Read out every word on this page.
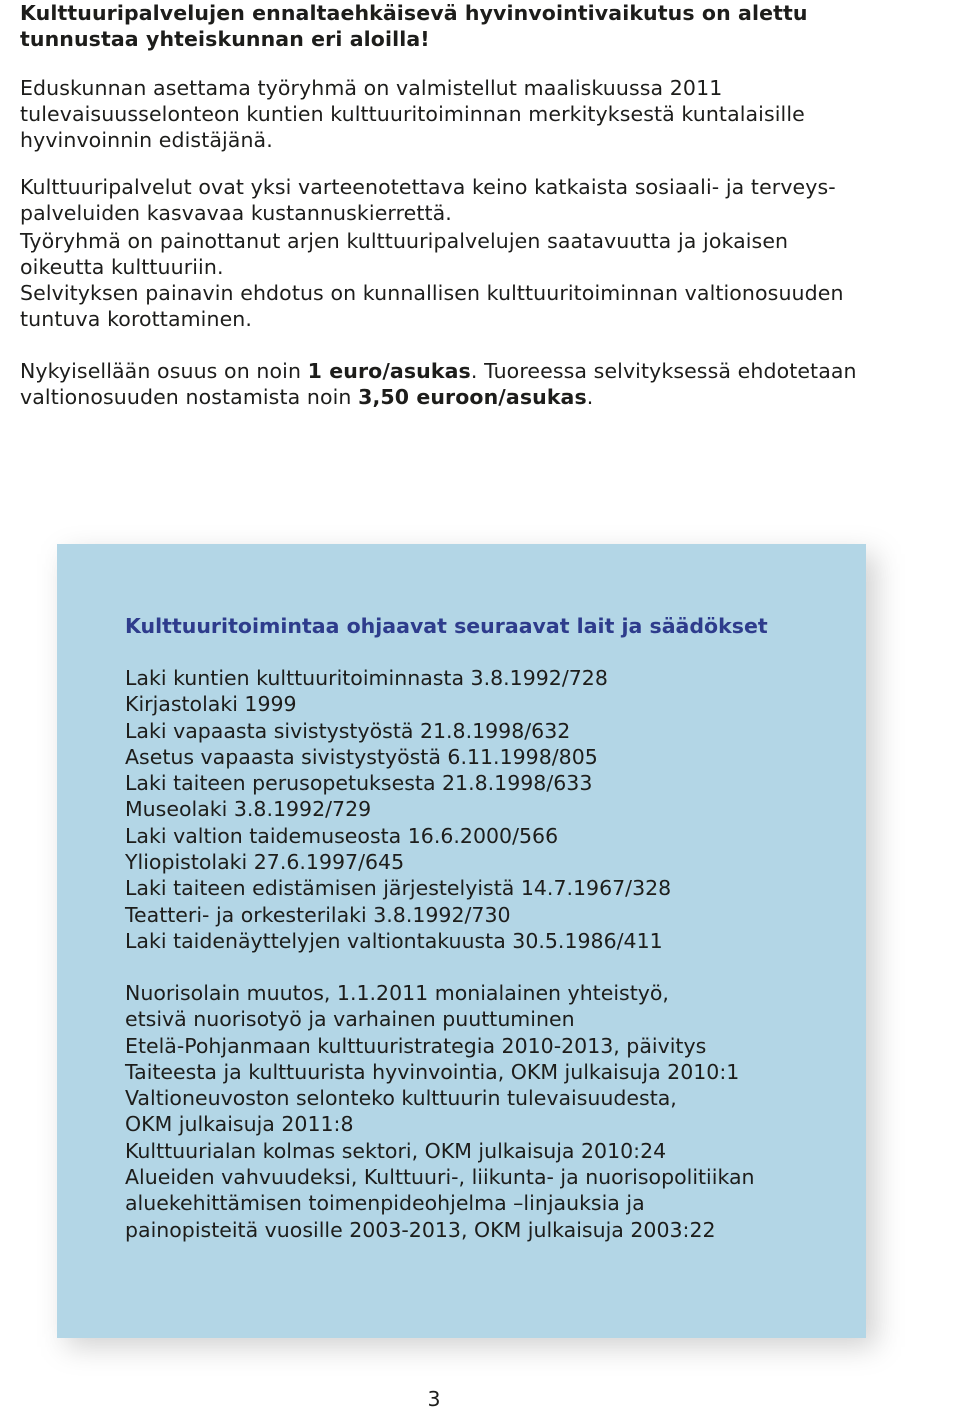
Kulttuuripalvelujen ennaltaehkäisevä hyvinvointivaikutus on alettu
tunnustaa yhteiskunnan eri aloilla!
Eduskunnan asettama työryhmä on valmistellut maaliskuussa 2011
tulevaisuusselonteon kuntien kulttuuritoiminnan merkityksestä kuntalaisille
hyvinvoinnin edistäjänä.
Kulttuuripalvelut ovat yksi varteenotettava keino katkaista sosiaali- ja terveys-
palveluiden kasvavaa kustannuskierrettä.
Työryhmä on painottanut arjen kulttuuripalvelujen saatavuutta ja jokaisen
oikeutta kulttuuriin.
Selvityksen painavin ehdotus on kunnallisen kulttuuritoiminnan valtionosuuden
tuntuva korottaminen.
Nykyisellään osuus on noin 1 euro/asukas. Tuoreessa selvityksessä ehdotetaan
valtionosuuden nostamista noin 3,50 euroon/asukas.

Kulttuuritoimintaa ohjaavat seuraavat lait ja säädökset

Laki kuntien kulttuuritoiminnasta 3.8.1992/728
Kirjastolaki 1999
Laki vapaasta sivistystyöstä 21.8.1998/632
Asetus vapaasta sivistystyöstä 6.11.1998/805
Laki taiteen perusopetuksesta 21.8.1998/633
Museolaki 3.8.1992/729
Laki valtion taidemuseosta 16.6.2000/566
Yliopistolaki 27.6.1997/645
Laki taiteen edistämisen järjestelyistä 14.7.1967/328
Teatteri- ja orkesterilaki 3.8.1992/730
Laki taidenäyttelyjen valtiontakuusta 30.5.1986/411
Nuorisolain muutos, 1.1.2011 monialainen yhteistyö,
etsivä nuorisotyö ja varhainen puuttuminen
Etelä-Pohjanmaan kulttuuristrategia 2010-2013, päivitys
Taiteesta ja kulttuurista hyvinvointia, OKM julkaisuja 2010:1
Valtioneuvoston selonteko kulttuurin tulevaisuudesta,
OKM julkaisuja 2011:8
Kulttuurialan kolmas sektori, OKM julkaisuja 2010:24
Alueiden vahvuudeksi, Kulttuuri-, liikunta- ja nuorisopolitiikan
aluekehittämisen toimenpideohjelma –linjauksia ja
painopisteitä vuosille 2003-2013, OKM julkaisuja 2003:22
3
